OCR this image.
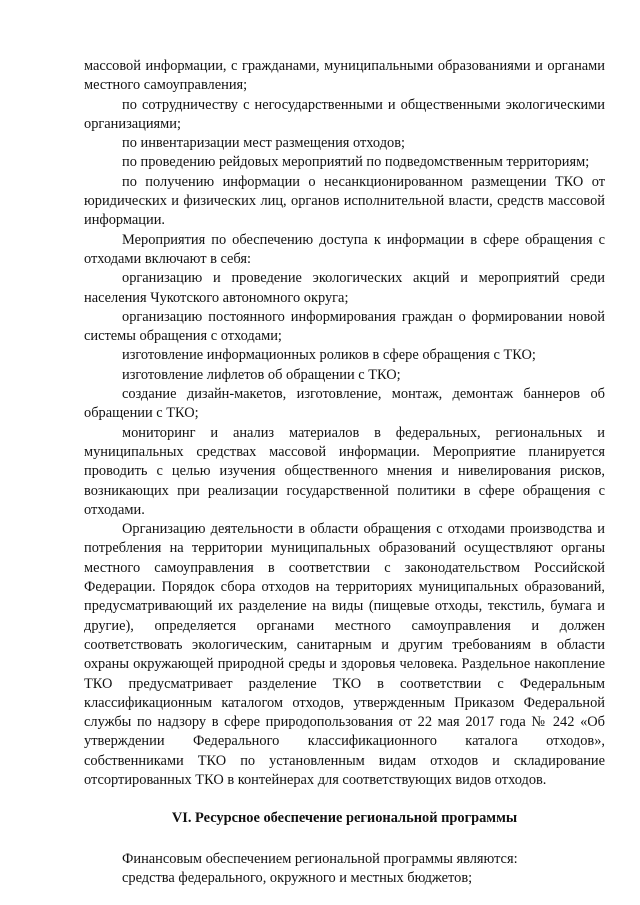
массовой информации, с гражданами, муниципальными образованиями и органами местного самоуправления;

по сотрудничеству с негосударственными и общественными экологическими организациями;

по инвентаризации мест размещения отходов;

по проведению рейдовых мероприятий по подведомственным территориям;

по получению информации о несанкционированном размещении ТКО от юридических и физических лиц, органов исполнительной власти, средств массовой информации.

Мероприятия по обеспечению доступа к информации в сфере обращения с отходами включают в себя:

организацию и проведение экологических акций и мероприятий среди населения Чукотского автономного округа;

организацию постоянного информирования граждан о формировании новой системы обращения с отходами;

изготовление информационных роликов в сфере обращения с ТКО;

изготовление лифлетов об обращении с ТКО;

создание дизайн-макетов, изготовление, монтаж, демонтаж баннеров об обращении с ТКО;

мониторинг и анализ материалов в федеральных, региональных и муниципальных средствах массовой информации. Мероприятие планируется проводить с целью изучения общественного мнения и нивелирования рисков, возникающих при реализации государственной политики в сфере обращения с отходами.

Организацию деятельности в области обращения с отходами производства и потребления на территории муниципальных образований осуществляют органы местного самоуправления в соответствии с законодательством Российской Федерации. Порядок сбора отходов на территориях муниципальных образований, предусматривающий их разделение на виды (пищевые отходы, текстиль, бумага и другие), определяется органами местного самоуправления и должен соответствовать экологическим, санитарным и другим требованиям в области охраны окружающей природной среды и здоровья человека. Раздельное накопление ТКО предусматривает разделение ТКО в соответствии с Федеральным классификационным каталогом отходов, утвержденным Приказом Федеральной службы по надзору в сфере природопользования от 22 мая 2017 года № 242 «Об утверждении Федерального классификационного каталога отходов», собственниками ТКО по установленным видам отходов и складирование отсортированных ТКО в контейнерах для соответствующих видов отходов.

VI. Ресурсное обеспечение региональной программы

Финансовым обеспечением региональной программы являются:

средства федерального, окружного и местных бюджетов;
